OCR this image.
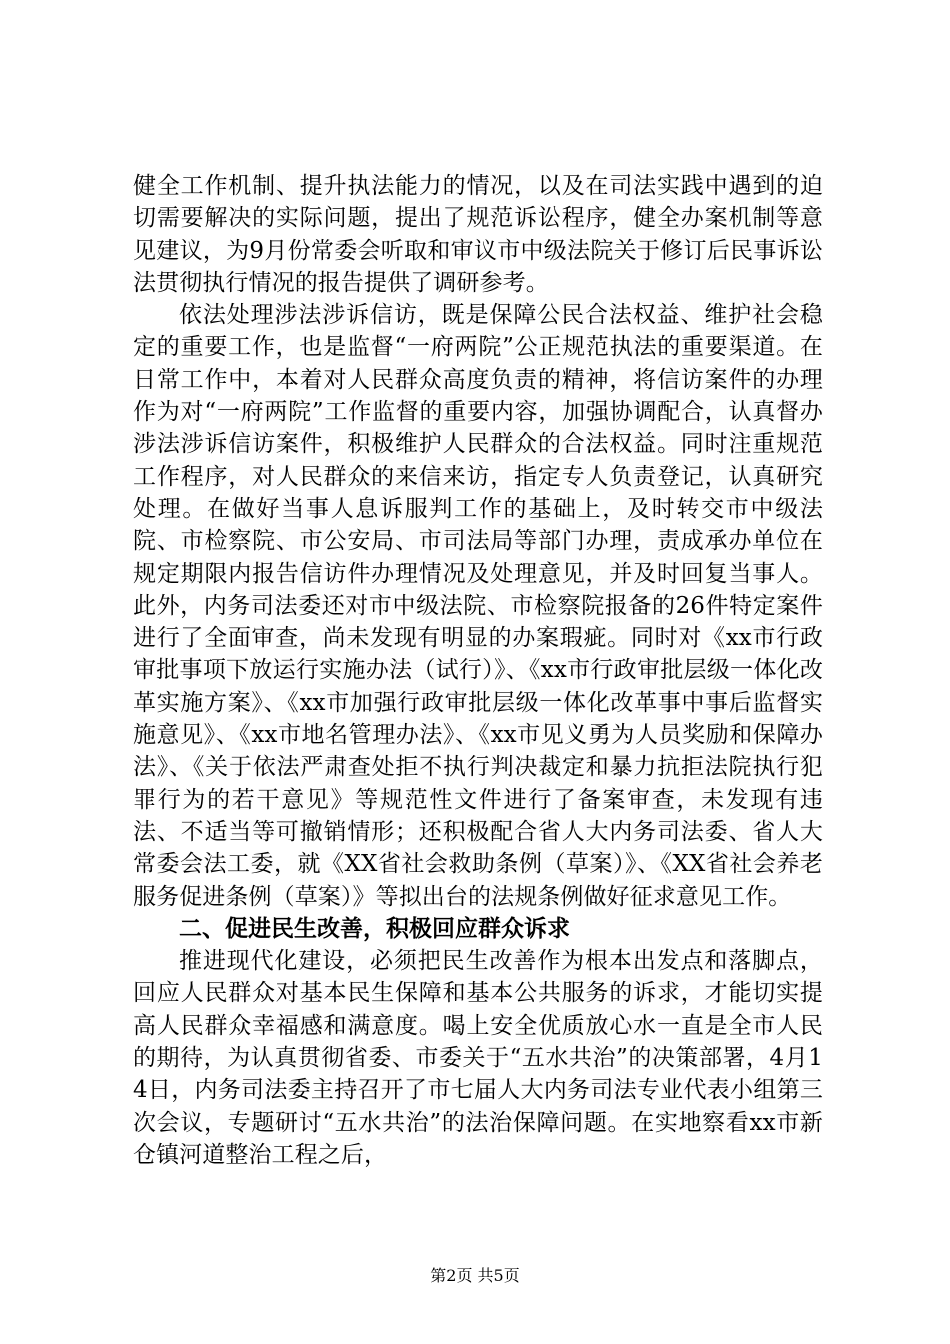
健全工作机制、提升执法能力的情况，以及在司法实践中遇到的迫切需要解决的实际问题，提出了规范诉讼程序，健全办案机制等意见建议，为9月份常委会听取和审议市中级法院关于修订后民事诉讼法贯彻执行情况的报告提供了调研参考。

依法处理涉法涉诉信访，既是保障公民合法权益、维护社会稳定的重要工作，也是监督“一府两院”公正规范执法的重要渠道。在日常工作中，本着对人民群众高度负责的精神，将信访案件的办理作为对“一府两院”工作监督的重要内容，加强协调配合，认真督办涉法涉诉信访案件，积极维护人民群众的合法权益。同时注重规范工作程序，对人民群众的来信来访，指定专人负责登记，认真研究处理。在做好当事人息诉服判工作的基础上，及时转交市中级法院、市检察院、市公安局、市司法局等部门办理，责成承办单位在规定期限内报告信访件办理情况及处理意见，并及时回复当事人。此外，内务司法委还对市中级法院、市检察院报备的26件特定案件进行了全面审查，尚未发现有明显的办案瑕疵。同时对《xx市行政审批事项下放运行实施办法（试行）》、《xx市行政审批层级一体化改革实施方案》、《xx市加强行政审批层级一体化改革事中事后监督实施意见》、《xx市地名管理办法》、《xx市见义勇为人员奖励和保障办法》、《关于依法严肃查处拒不执行判决裁定和暴力抗拒法院执行犯罪行为的若干意见》等规范性文件进行了备案审查，未发现有违法、不适当等可撤销情形；还积极配合省人大内务司法委、省人大常委会法工委，就《XX省社会救助条例（草案）》、《XX省社会养老服务促进条例（草案）》等拟出台的法规条例做好征求意见工作。

二、促进民生改善，积极回应群众诉求

推进现代化建设，必须把民生改善作为根本出发点和落脚点，回应人民群众对基本民生保障和基本公共服务的诉求，才能切实提高人民群众幸福感和满意度。喝上安全优质放心水一直是全市人民的期待，为认真贯彻省委、市委关于“五水共治”的决策部署，4月14日，内务司法委主持召开了市七届人大内务司法专业代表小组第三次会议，专题研讨“五水共治”的法治保障问题。在实地察看xx市新仓镇河道整治工程之后，

第2页 共5页
